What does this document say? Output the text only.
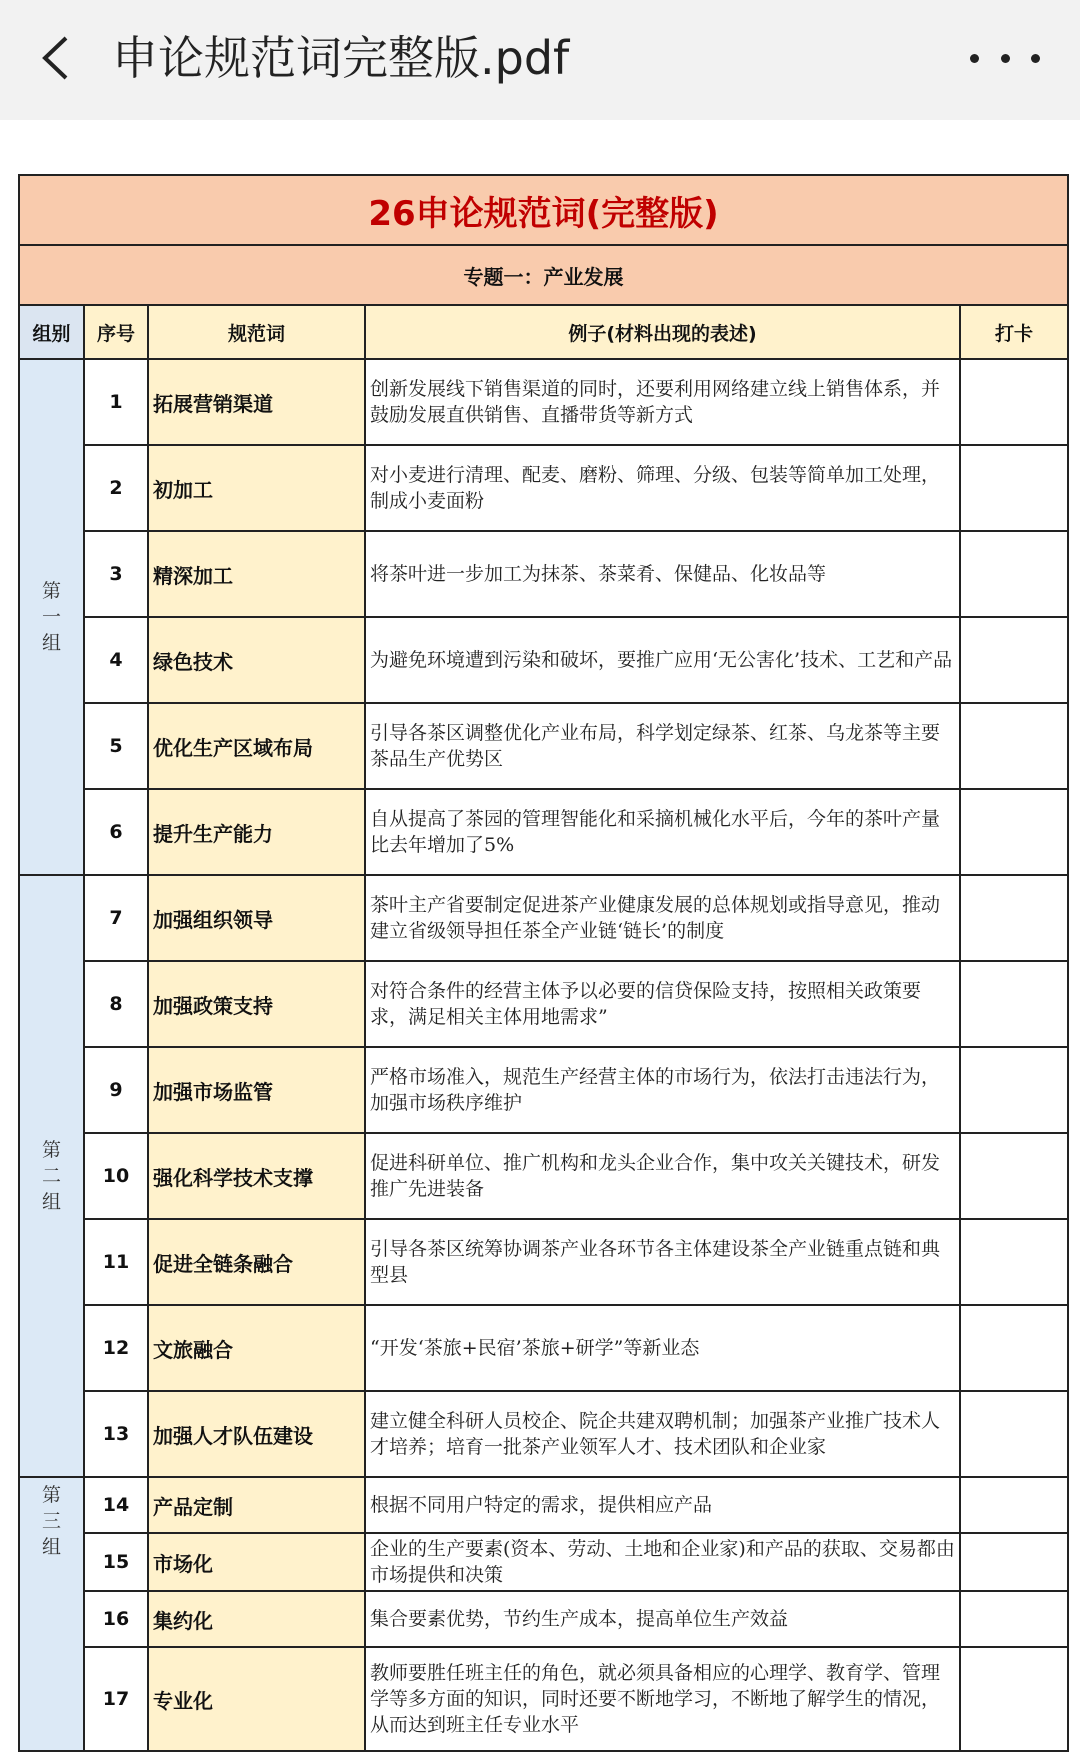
申论规范词完整版.pdf
26申论规范词(完整版)				
专题一：产业发展				
组别	序号	规范词	例子(材料出现的表述)	打卡

第一组	1	拓展营销渠道	创新发展线下销售渠道的同时，还要利用网络建立线上销售体系，并鼓励发展直供销售、直播带货等新方式	
	2	初加工	对小麦进行清理、配麦、磨粉、筛理、分级、包装等简单加工处理，制成小麦面粉	
	3	精深加工	将茶叶进一步加工为抹茶、茶菜肴、保健品、化妆品等	
	4	绿色技术	为避免环境遭到污染和破坏，要推广应用‘无公害化’技术、工艺和产品	
	5	优化生产区域布局	引导各茶区调整优化产业布局，科学划定绿茶、红茶、乌龙茶等主要茶品生产优势区	
	6	提升生产能力	自从提高了茶园的管理智能化和采摘机械化水平后，今年的茶叶产量比去年增加了5%	

第二组	7	加强组织领导	茶叶主产省要制定促进茶产业健康发展的总体规划或指导意见，推动建立省级领导担任茶全产业链‘链长’的制度	
	8	加强政策支持	对符合条件的经营主体予以必要的信贷保险支持，按照相关政策要求，满足相关主体用地需求”	
	9	加强市场监管	严格市场准入，规范生产经营主体的市场行为，依法打击违法行为，加强市场秩序维护	
	10	强化科学技术支撑	促进科研单位、推广机构和龙头企业合作，集中攻关关键技术，研发推广先进装备	
	11	促进全链条融合	引导各茶区统筹协调茶产业各环节各主体建设茶全产业链重点链和典型县	
	12	文旅融合	“开发‘茶旅+民宿’茶旅+研学”等新业态	
	13	加强人才队伍建设	建立健全科研人员校企、院企共建双聘机制；加强茶产业推广技术人才培养；培育一批茶产业领军人才、技术团队和企业家	

第三组	14	产品定制	根据不同用户特定的需求，提供相应产品	
	15	市场化	企业的生产要素(资本、劳动、土地和企业家)和产品的获取、交易都由市场提供和决策	
	16	集约化	集合要素优势，节约生产成本，提高单位生产效益	
	17	专业化	教师要胜任班主任的角色，就必须具备相应的心理学、教育学、管理学等多方面的知识，同时还要不断地学习，不断地了解学生的情况，从而达到班主任专业水平	
